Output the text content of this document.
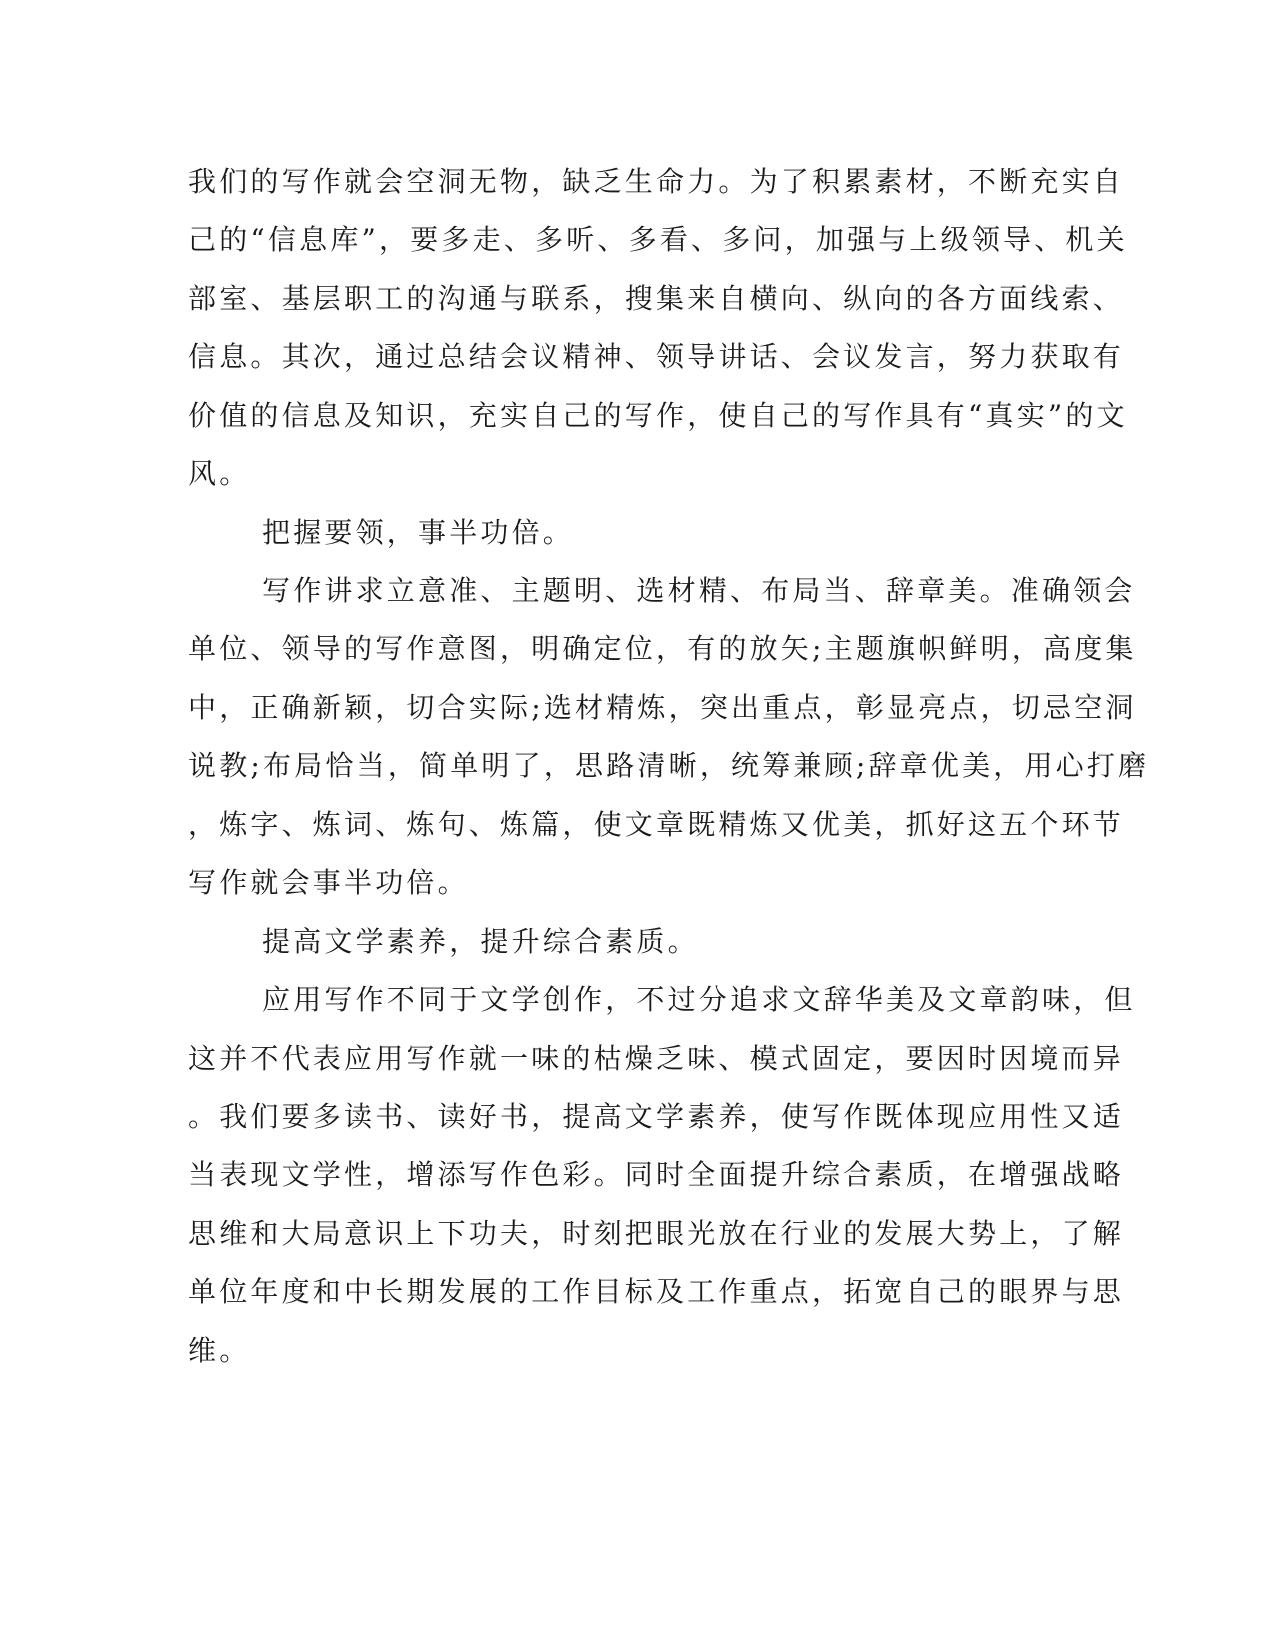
我们的写作就会空洞无物，缺乏生命力。为了积累素材，不断充实自
己的“信息库”，要多走、多听、多看、多问，加强与上级领导、机关
部室、基层职工的沟通与联系，搜集来自横向、纵向的各方面线索、
信息。其次，通过总结会议精神、领导讲话、会议发言，努力获取有
价值的信息及知识，充实自己的写作，使自己的写作具有“真实”的文
风。
把握要领，事半功倍。
写作讲求立意准、主题明、选材精、布局当、辞章美。准确领会
单位、领导的写作意图，明确定位，有的放矢;主题旗帜鲜明，高度集
中，正确新颖，切合实际;选材精炼，突出重点，彰显亮点，切忌空洞
说教;布局恰当，简单明了，思路清晰，统筹兼顾;辞章优美，用心打磨
，炼字、炼词、炼句、炼篇，使文章既精炼又优美，抓好这五个环节
写作就会事半功倍。
提高文学素养，提升综合素质。
应用写作不同于文学创作，不过分追求文辞华美及文章韵味，但
这并不代表应用写作就一味的枯燥乏味、模式固定，要因时因境而异
。我们要多读书、读好书，提高文学素养，使写作既体现应用性又适
当表现文学性，增添写作色彩。同时全面提升综合素质，在增强战略
思维和大局意识上下功夫，时刻把眼光放在行业的发展大势上，了解
单位年度和中长期发展的工作目标及工作重点，拓宽自己的眼界与思
维。
